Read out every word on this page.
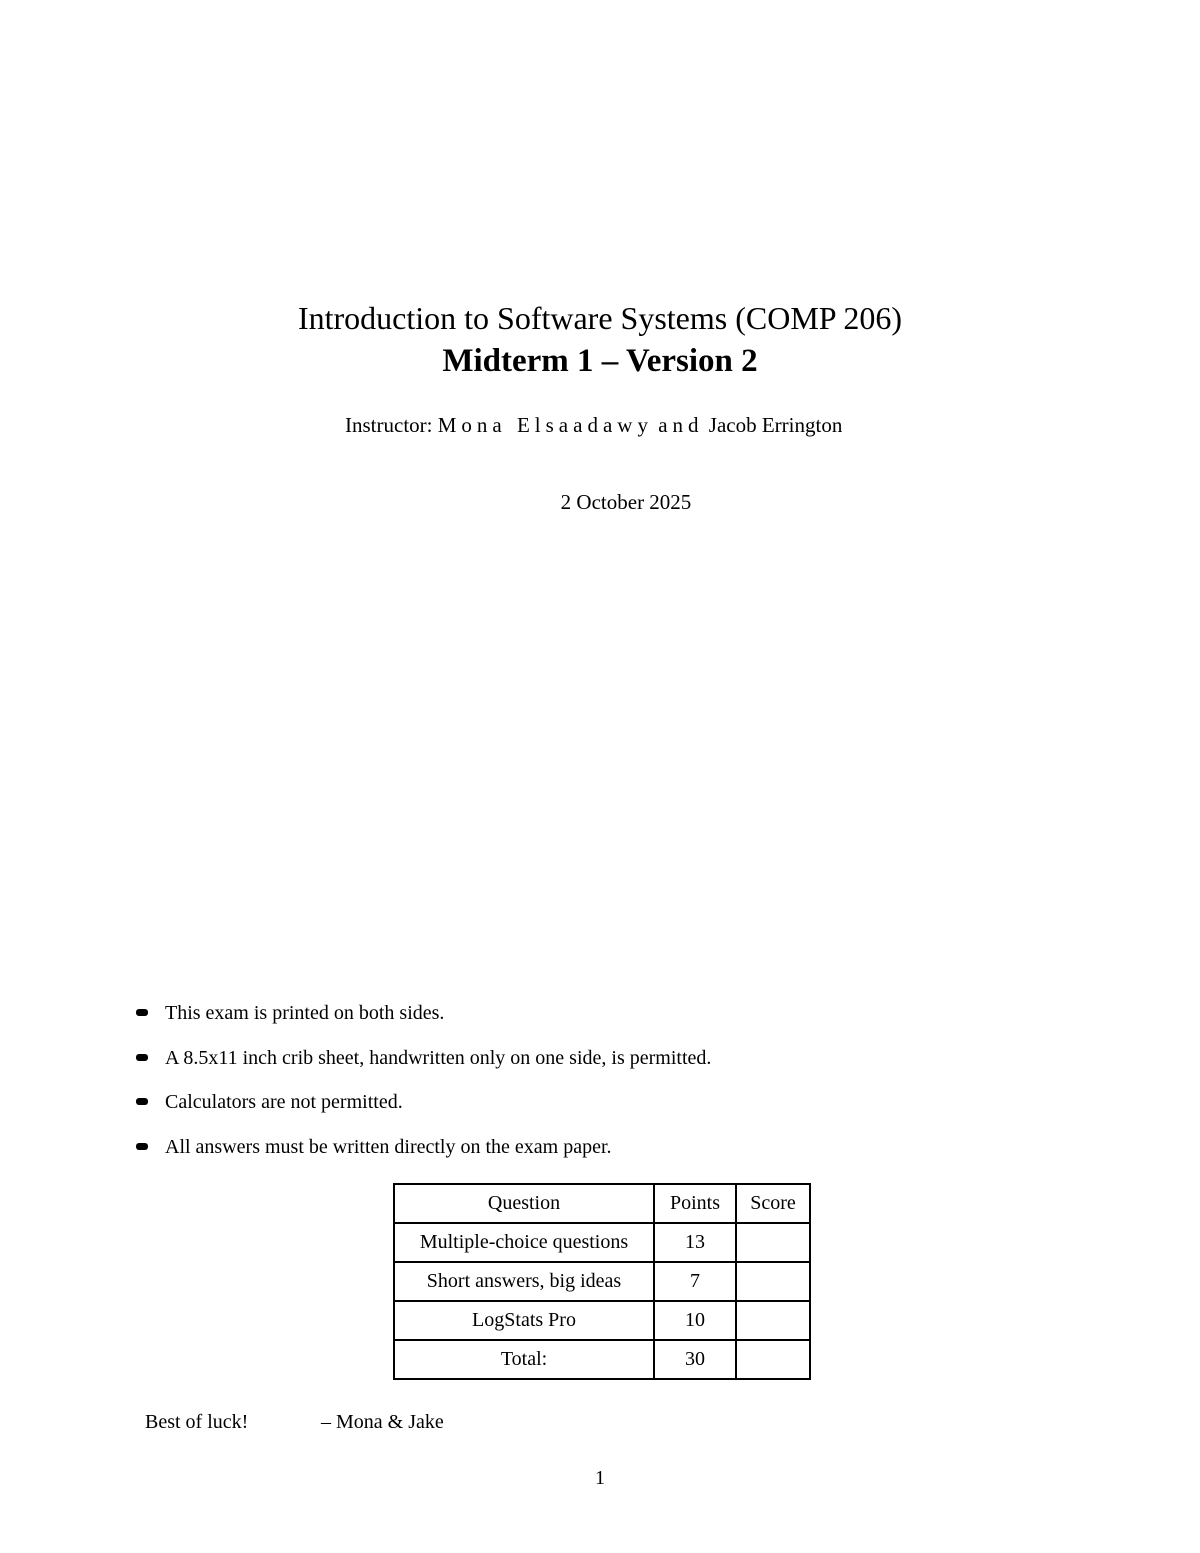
Introduction to Software Systems (COMP 206)
Midterm 1 – Version 2
Instructor: Mona Elsaadawy and Jacob Errington
2 October 2025
This exam is printed on both sides.
A 8.5x11 inch crib sheet, handwritten only on one side, is permitted.
Calculators are not permitted.
All answers must be written directly on the exam paper.
Question	Points	Score
Multiple-choice questions	13	
Short answers, big ideas	7	
LogStats Pro	10	
Total:	30	
Best of luck!	– Mona & Jake
1
